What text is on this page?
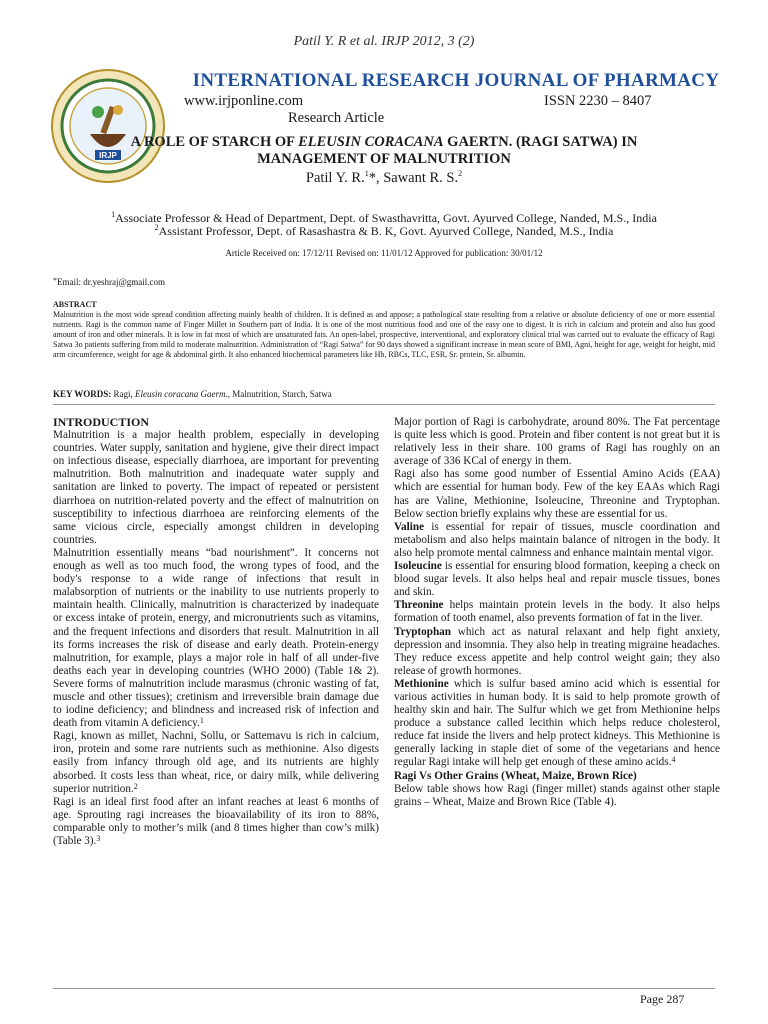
Patil Y. R et al. IRJP 2012, 3 (2)
IRJP
INTERNATIONAL RESEARCH JOURNAL OF PHARMACY
www.irjponline.com	ISSN 2230 – 8407
Research Article
A ROLE OF STARCH OF ELEUSIN CORACANA GAERTN. (RAGI SATWA) IN
MANAGEMENT OF MALNUTRITION
Patil Y. R.$^1$*, Sawant R. S.$^2$
$^1$Associate Professor & Head of Department, Dept. of Swasthavritta, Govt. Ayurved College, Nanded, M.S., India
$^2$Assistant Professor, Dept. of Rasashastra & B. K, Govt. Ayurved College, Nanded, M.S., India
Article Received on: 17/12/11 Revised on: 11/01/12 Approved for publication: 30/01/12
*Email: dr.yeshraj@gmail.com
ABSTRACT
Malnutrition is the most wide spread condition affecting mainly health of children. It is defined as and appose; a pathological state resulting from a relative or absolute deficiency of one or more essential nutrients. Ragi is the common name of Finger Millet in Southern part of India. It is one of the most nutritious food and one of the easy one to digest. It is rich in calcium and protein and also has good amount of iron and other minerals. It is low in fat most of which are unsaturated fats. An open-label, prospective, interventional, and exploratory clinical trial was carried out to evaluate the efficacy of Ragi Satwa 3o patients suffering from mild to moderate malnutrition. Administration of “Ragi Satwa” for 90 days showed a significant increase in mean score of BMI, Agni, height for age, weight for height, mid arm circumference, weight for age & abdominal girth. It also enhanced biochemical parameters like Hb, RBCs, TLC, ESR, Sr. protein, Sr. albumin.
KEY WORDS: Ragi, Eleusin coracana Gaerm., Malnutrition, Starch, Satwa

INTRODUCTION

Malnutrition is a major health problem, especially in developing countries. Water supply, sanitation and hygiene, give their direct impact on infectious disease, especially diarrhoea, are important for preventing malnutrition. Both malnutrition and inadequate water supply and sanitation are linked to poverty. The impact of repeated or persistent diarrhoea on nutrition-related poverty and the effect of malnutrition on susceptibility to infectious diarrhoea are reinforcing elements of the same vicious circle, especially amongst children in developing countries.

Malnutrition essentially means “bad nourishment”. It concerns not enough as well as too much food, the wrong types of food, and the body's response to a wide range of infections that result in malabsorption of nutrients or the inability to use nutrients properly to maintain health. Clinically, malnutrition is characterized by inadequate or excess intake of protein, energy, and micronutrients such as vitamins, and the frequent infections and disorders that result. Malnutrition in all its forms increases the risk of disease and early death. Protein-energy malnutrition, for example, plays a major role in half of all under-five deaths each year in developing countries (WHO 2000) (Table 1& 2). Severe forms of malnutrition include marasmus (chronic wasting of fat, muscle and other tissues); cretinism and irreversible brain damage due to iodine deficiency; and blindness and increased risk of infection and death from vitamin A deficiency.$^1$

Ragi, known as millet, Nachni, Sollu, or Sattemavu is rich in calcium, iron, protein and some rare nutrients such as methionine. Also digests easily from infancy through old age, and its nutrients are highly absorbed. It costs less than wheat, rice, or dairy milk, while delivering superior nutrition.$^2$

Ragi is an ideal first food after an infant reaches at least 6 months of age. Sprouting ragi increases the bioavailability of its iron to 88%, comparable only to mother’s milk (and 8 times higher than cow’s milk) (Table 3).$^3$

Major portion of Ragi is carbohydrate, around 80%. The Fat percentage is quite less which is good. Protein and fiber content is not great but it is relatively less in their share. 100 grams of Ragi has roughly on an average of 336 KCal of energy in them.

Ragi also has some good number of Essential Amino Acids (EAA) which are essential for human body. Few of the key EAAs which Ragi has are Valine, Methionine, Isoleucine, Threonine and Tryptophan. Below section briefly explains why these are essential for us.

Valine is essential for repair of tissues, muscle coordination and metabolism and also helps maintain balance of nitrogen in the body. It also help promote mental calmness and enhance maintain mental vigor.

Isoleucine is essential for ensuring blood formation, keeping a check on blood sugar levels. It also helps heal and repair muscle tissues, bones and skin.

Threonine helps maintain protein levels in the body. It also helps formation of tooth enamel, also prevents formation of fat in the liver.

Tryptophan which act as natural relaxant and help fight anxiety, depression and insomnia. They also help in treating migraine headaches. They reduce excess appetite and help control weight gain; they also release of growth hormones.

Methionine which is sulfur based amino acid which is essential for various activities in human body. It is said to help promote growth of healthy skin and hair. The Sulfur which we get from Methionine helps produce a substance called lecithin which helps reduce cholesterol, reduce fat inside the livers and help protect kidneys. This Methionine is generally lacking in staple diet of some of the vegetarians and hence regular Ragi intake will help get enough of these amino acids.$^4$

Ragi Vs Other Grains (Wheat, Maize, Brown Rice)

Below table shows how Ragi (finger millet) stands against other staple grains – Wheat, Maize and Brown Rice (Table 4).

Page 287
